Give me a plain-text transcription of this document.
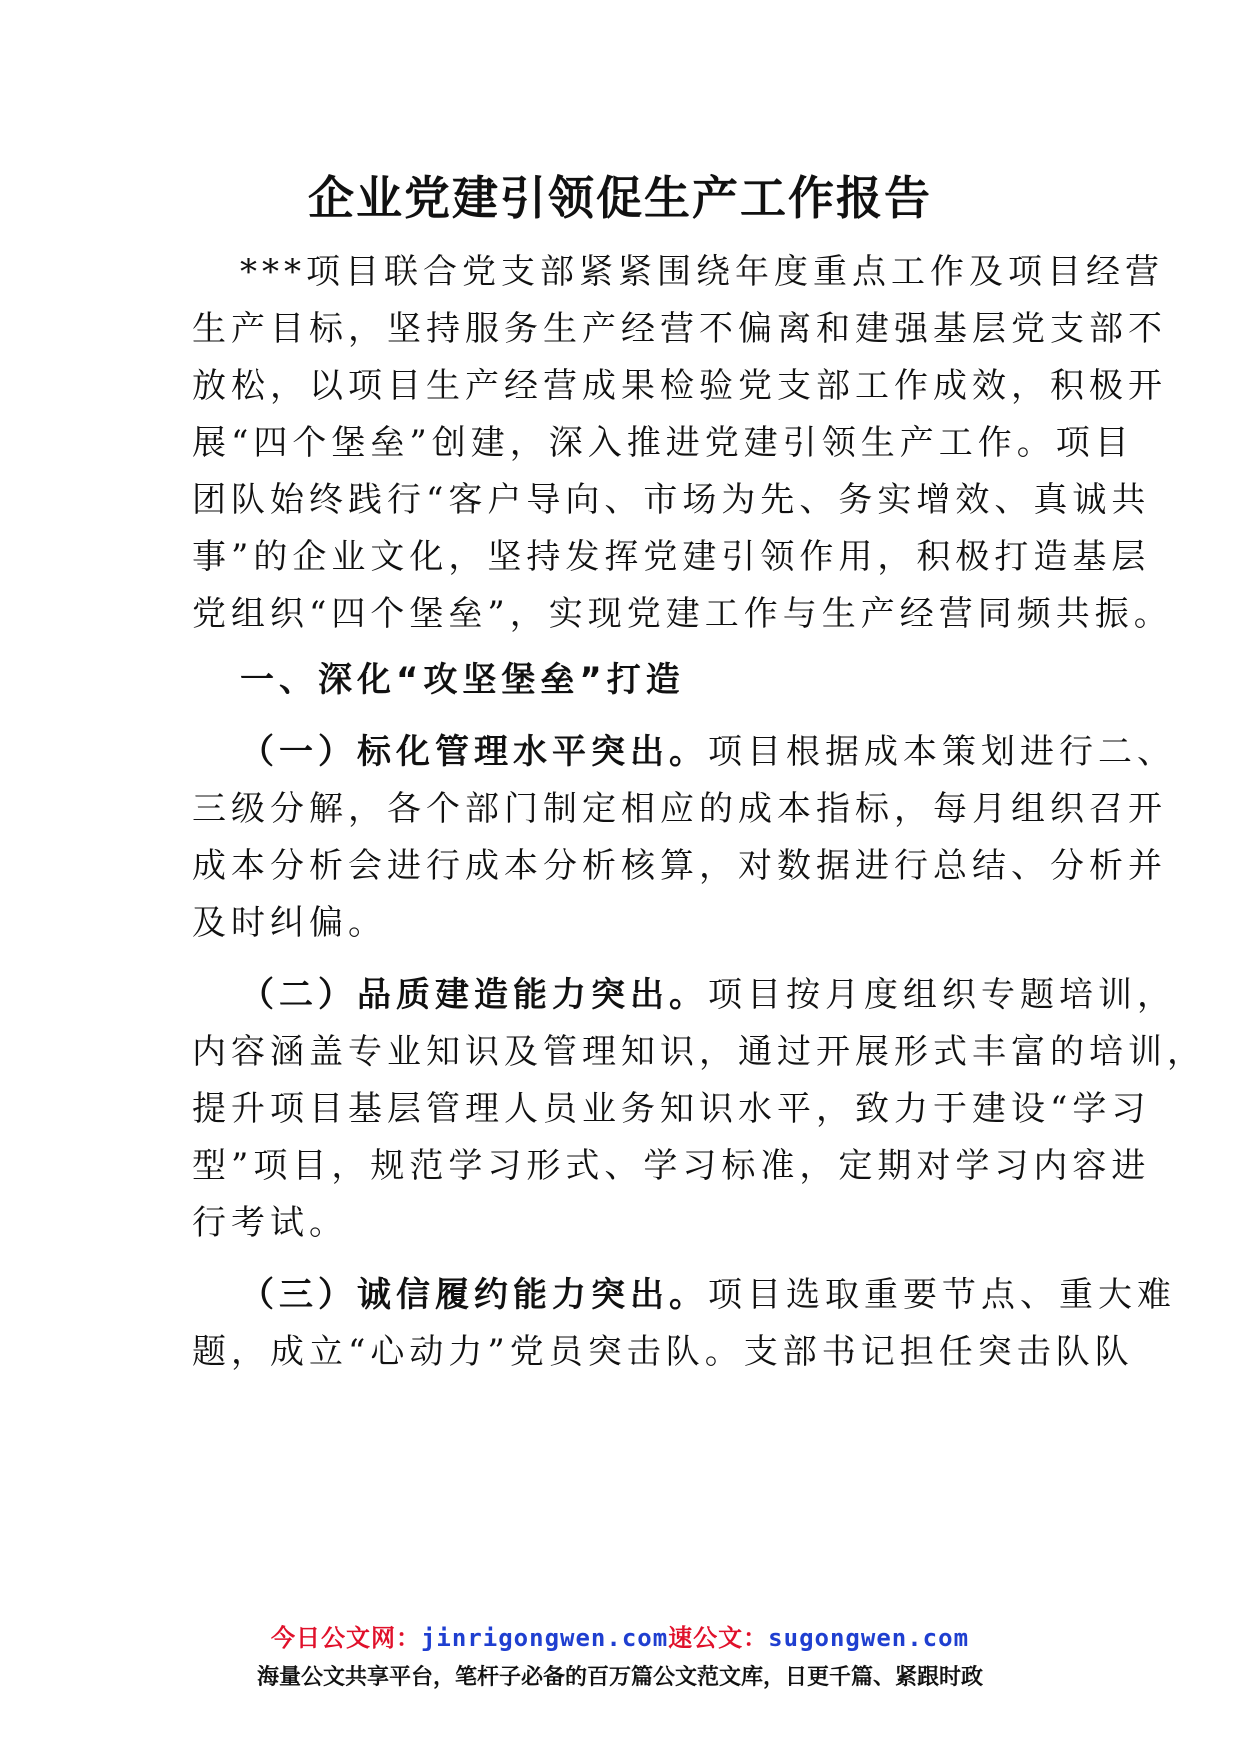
企业党建引领促生产工作报告
***项目联合党支部紧紧围绕年度重点工作及项目经营
生产目标，坚持服务生产经营不偏离和建强基层党支部不
放松，以项目生产经营成果检验党支部工作成效，积极开
展“四个堡垒”创建，深入推进党建引领生产工作。项目
团队始终践行“客户导向、市场为先、务实增效、真诚共
事”的企业文化，坚持发挥党建引领作用，积极打造基层
党组织“四个堡垒”，实现党建工作与生产经营同频共振。
一、深化“攻坚堡垒”打造
（一）标化管理水平突出。项目根据成本策划进行二、
三级分解，各个部门制定相应的成本指标，每月组织召开
成本分析会进行成本分析核算，对数据进行总结、分析并
及时纠偏。
（二）品质建造能力突出。项目按月度组织专题培训，
内容涵盖专业知识及管理知识，通过开展形式丰富的培训，
提升项目基层管理人员业务知识水平，致力于建设“学习
型”项目，规范学习形式、学习标准，定期对学习内容进
行考试。
（三）诚信履约能力突出。项目选取重要节点、重大难
题，成立“心动力”党员突击队。支部书记担任突击队队
今日公文网：jinrigongwen.com速公文：sugongwen.com
海量公文共享平台，笔杆子必备的百万篇公文范文库，日更千篇、紧跟时政
